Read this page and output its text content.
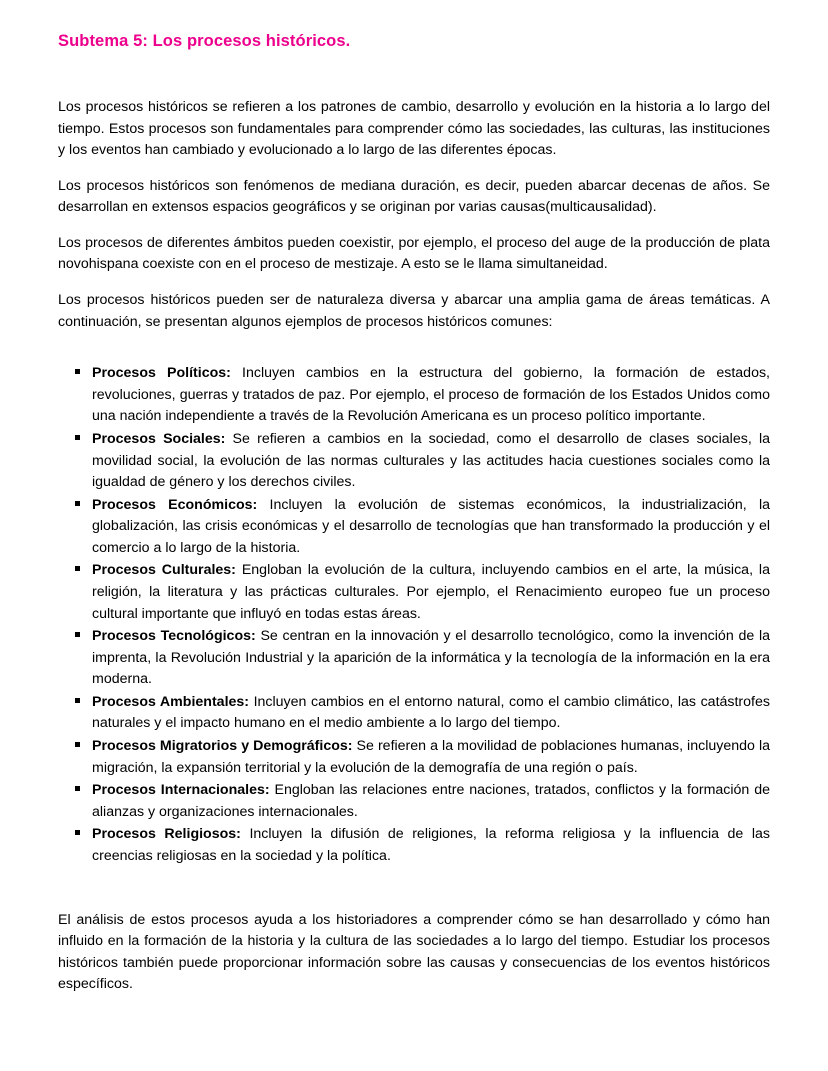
Subtema 5: Los procesos históricos.

Los procesos históricos se refieren a los patrones de cambio, desarrollo y evolución en la historia a lo largo del tiempo. Estos procesos son fundamentales para comprender cómo las sociedades, las culturas, las instituciones y los eventos han cambiado y evolucionado a lo largo de las diferentes épocas.

Los procesos históricos son fenómenos de mediana duración, es decir, pueden abarcar decenas de años. Se desarrollan en extensos espacios geográficos y se originan por varias causas(multicausalidad).

Los procesos de diferentes ámbitos pueden coexistir, por ejemplo, el proceso del auge de la producción de plata novohispana coexiste con en el proceso de mestizaje. A esto se le llama simultaneidad.

Los procesos históricos pueden ser de naturaleza diversa y abarcar una amplia gama de áreas temáticas. A continuación, se presentan algunos ejemplos de procesos históricos comunes:

Procesos Políticos: Incluyen cambios en la estructura del gobierno, la formación de estados, revoluciones, guerras y tratados de paz. Por ejemplo, el proceso de formación de los Estados Unidos como una nación independiente a través de la Revolución Americana es un proceso político importante.
Procesos Sociales: Se refieren a cambios en la sociedad, como el desarrollo de clases sociales, la movilidad social, la evolución de las normas culturales y las actitudes hacia cuestiones sociales como la igualdad de género y los derechos civiles.
Procesos Económicos: Incluyen la evolución de sistemas económicos, la industrialización, la globalización, las crisis económicas y el desarrollo de tecnologías que han transformado la producción y el comercio a lo largo de la historia.
Procesos Culturales: Engloban la evolución de la cultura, incluyendo cambios en el arte, la música, la religión, la literatura y las prácticas culturales. Por ejemplo, el Renacimiento europeo fue un proceso cultural importante que influyó en todas estas áreas.
Procesos Tecnológicos: Se centran en la innovación y el desarrollo tecnológico, como la invención de la imprenta, la Revolución Industrial y la aparición de la informática y la tecnología de la información en la era moderna.
Procesos Ambientales: Incluyen cambios en el entorno natural, como el cambio climático, las catástrofes naturales y el impacto humano en el medio ambiente a lo largo del tiempo.
Procesos Migratorios y Demográficos: Se refieren a la movilidad de poblaciones humanas, incluyendo la migración, la expansión territorial y la evolución de la demografía de una región o país.
Procesos Internacionales: Engloban las relaciones entre naciones, tratados, conflictos y la formación de alianzas y organizaciones internacionales.
Procesos Religiosos: Incluyen la difusión de religiones, la reforma religiosa y la influencia de las creencias religiosas en la sociedad y la política.

El análisis de estos procesos ayuda a los historiadores a comprender cómo se han desarrollado y cómo han influido en la formación de la historia y la cultura de las sociedades a lo largo del tiempo. Estudiar los procesos históricos también puede proporcionar información sobre las causas y consecuencias de los eventos históricos específicos.
